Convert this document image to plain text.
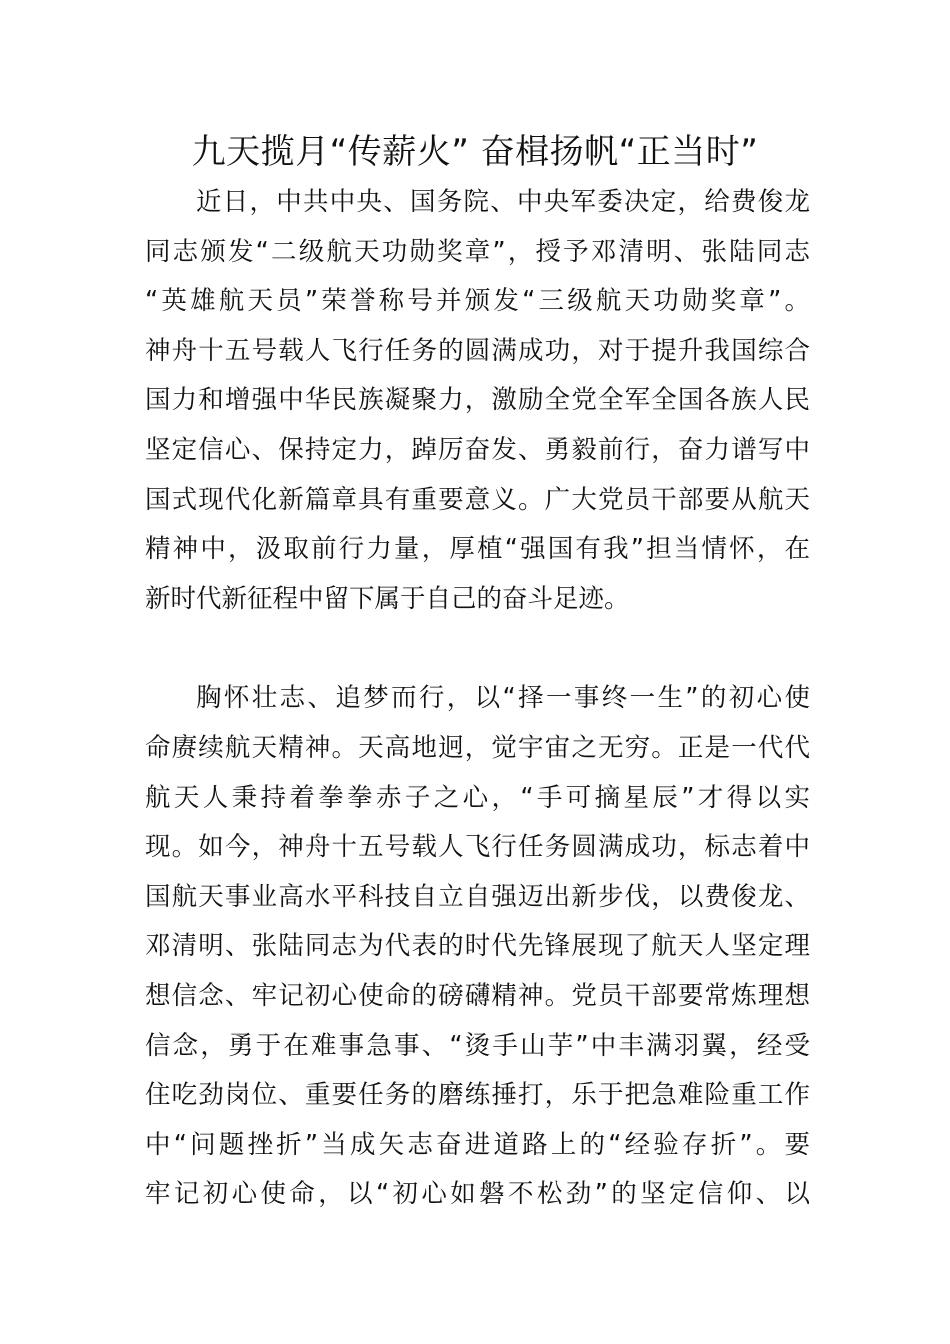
九天揽月“传薪火” 奋楫扬帆“正当时”
近日，中共中央、国务院、中央军委决定，给费俊龙
同志颁发“二级航天功勋奖章”，授予邓清明、张陆同志
“英雄航天员”荣誉称号并颁发“三级航天功勋奖章”。
神舟十五号载人飞行任务的圆满成功，对于提升我国综合
国力和增强中华民族凝聚力，激励全党全军全国各族人民
坚定信心、保持定力，踔厉奋发、勇毅前行，奋力谱写中
国式现代化新篇章具有重要意义。广大党员干部要从航天
精神中，汲取前行力量，厚植“强国有我”担当情怀，在
新时代新征程中留下属于自己的奋斗足迹。
胸怀壮志、追梦而行，以“择一事终一生”的初心使
命赓续航天精神。天高地迥，觉宇宙之无穷。正是一代代
航天人秉持着拳拳赤子之心，“手可摘星辰”才得以实
现。如今，神舟十五号载人飞行任务圆满成功，标志着中
国航天事业高水平科技自立自强迈出新步伐，以费俊龙、
邓清明、张陆同志为代表的时代先锋展现了航天人坚定理
想信念、牢记初心使命的磅礴精神。党员干部要常炼理想
信念，勇于在难事急事、“烫手山芋”中丰满羽翼，经受
住吃劲岗位、重要任务的磨练捶打，乐于把急难险重工作
中“问题挫折”当成矢志奋进道路上的“经验存折”。要
牢记初心使命，以“初心如磐不松劲”的坚定信仰、以
